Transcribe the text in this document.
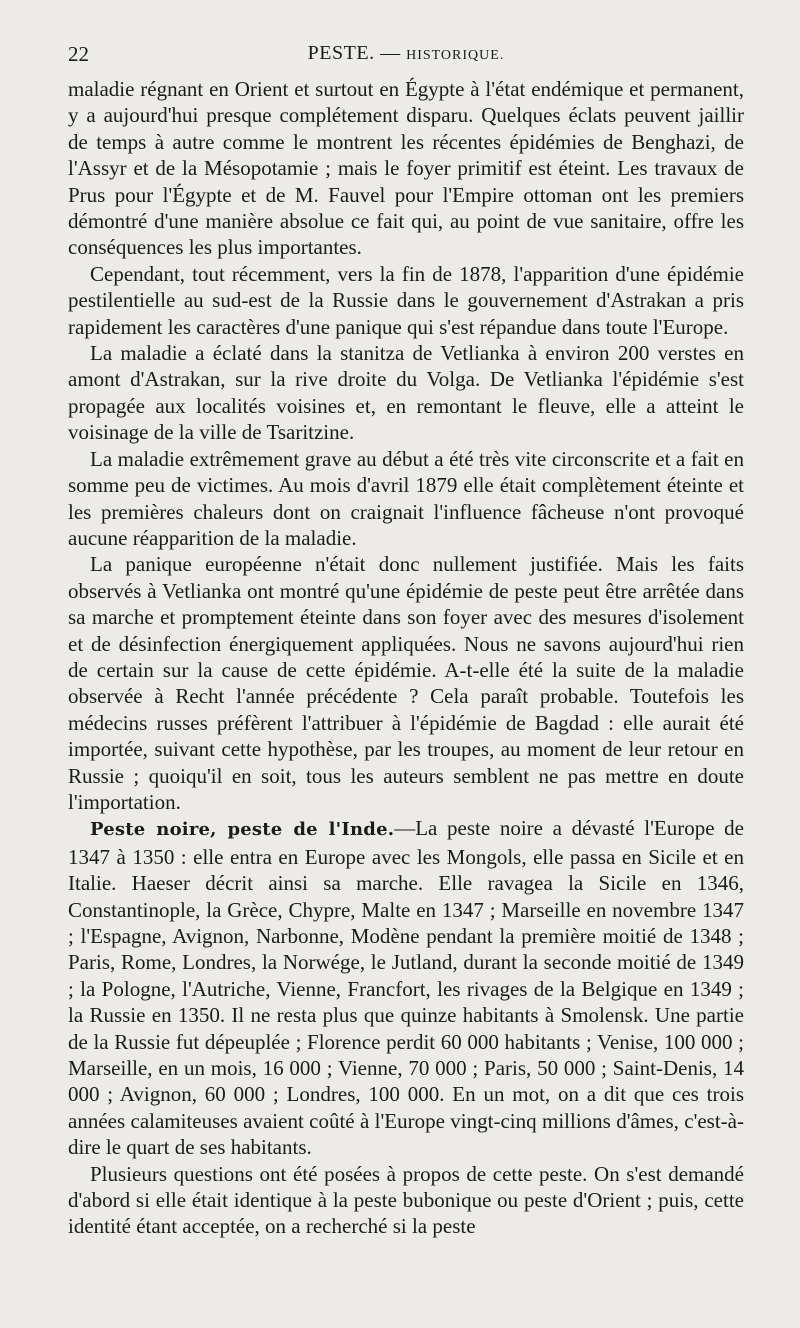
22	PESTE. — HISTORIQUE.

maladie régnant en Orient et surtout en Égypte à l'état endémique et permanent, y a aujourd'hui presque complétement disparu. Quelques éclats peuvent jaillir de temps à autre comme le montrent les récentes épidémies de Benghazi, de l'Assyr et de la Mésopotamie ; mais le foyer primitif est éteint. Les travaux de Prus pour l'Égypte et de M. Fauvel pour l'Empire ottoman ont les premiers démontré d'une manière absolue ce fait qui, au point de vue sanitaire, offre les conséquences les plus importantes.

Cependant, tout récemment, vers la fin de 1878, l'apparition d'une épidémie pestilentielle au sud-est de la Russie dans le gouvernement d'Astrakan a pris rapidement les caractères d'une panique qui s'est répandue dans toute l'Europe.

La maladie a éclaté dans la stanitza de Vetlianka à environ 200 verstes en amont d'Astrakan, sur la rive droite du Volga. De Vetlianka l'épidémie s'est propagée aux localités voisines et, en remontant le fleuve, elle a atteint le voisinage de la ville de Tsaritzine.

La maladie extrêmement grave au début a été très vite circonscrite et a fait en somme peu de victimes. Au mois d'avril 1879 elle était complètement éteinte et les premières chaleurs dont on craignait l'influence fâcheuse n'ont provoqué aucune réapparition de la maladie.

La panique européenne n'était donc nullement justifiée. Mais les faits observés à Vetlianka ont montré qu'une épidémie de peste peut être arrêtée dans sa marche et promptement éteinte dans son foyer avec des mesures d'isolement et de désinfection énergiquement appliquées. Nous ne savons aujourd'hui rien de certain sur la cause de cette épidémie. A-t-elle été la suite de la maladie observée à Recht l'année précédente ? Cela paraît probable. Toutefois les médecins russes préfèrent l'attribuer à l'épidémie de Bagdad : elle aurait été importée, suivant cette hypothèse, par les troupes, au moment de leur retour en Russie ; quoiqu'il en soit, tous les auteurs semblent ne pas mettre en doute l'importation.

Peste noire, peste de l'Inde.—La peste noire a dévasté l'Europe de 1347 à 1350 : elle entra en Europe avec les Mongols, elle passa en Sicile et en Italie. Haeser décrit ainsi sa marche. Elle ravagea la Sicile en 1346, Constantinople, la Grèce, Chypre, Malte en 1347 ; Marseille en novembre 1347 ; l'Espagne, Avignon, Narbonne, Modène pendant la première moitié de 1348 ; Paris, Rome, Londres, la Norwége, le Jutland, durant la seconde moitié de 1349 ; la Pologne, l'Autriche, Vienne, Francfort, les rivages de la Belgique en 1349 ; la Russie en 1350. Il ne resta plus que quinze habitants à Smolensk. Une partie de la Russie fut dépeuplée ; Florence perdit 60 000 habitants ; Venise, 100 000 ; Marseille, en un mois, 16 000 ; Vienne, 70 000 ; Paris, 50 000 ; Saint-Denis, 14 000 ; Avignon, 60 000 ; Londres, 100 000. En un mot, on a dit que ces trois années calamiteuses avaient coûté à l'Europe vingt-cinq millions d'âmes, c'est-à-dire le quart de ses habitants.

Plusieurs questions ont été posées à propos de cette peste. On s'est demandé d'abord si elle était identique à la peste bubonique ou peste d'Orient ; puis, cette identité étant acceptée, on a recherché si la peste
